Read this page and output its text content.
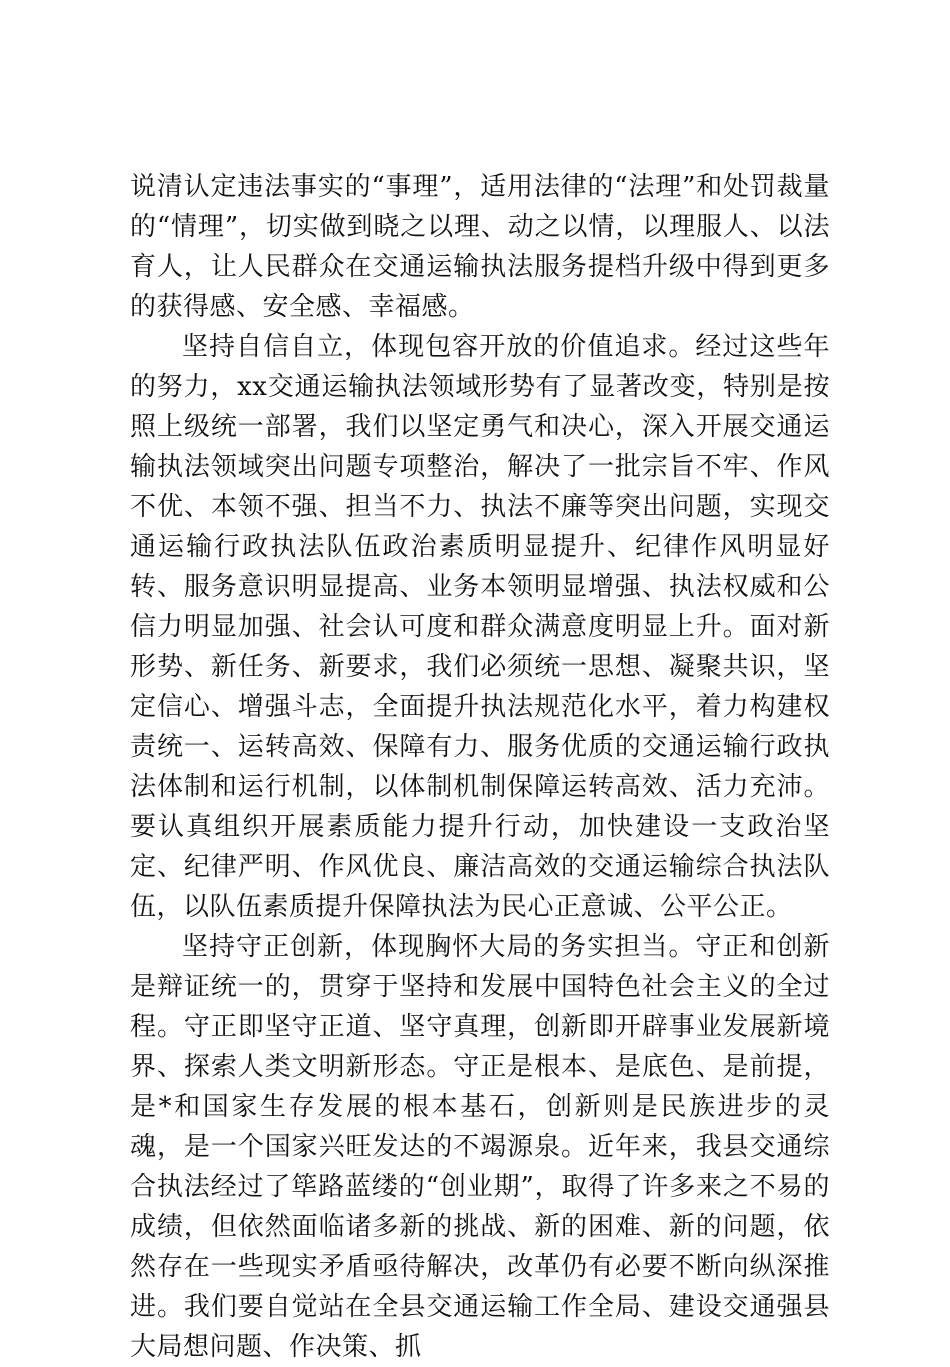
说清认定违法事实的“事理”，适用法律的“法理”和处罚裁量的“情理”，切实做到晓之以理、动之以情，以理服人、以法育人，让人民群众在交通运输执法服务提档升级中得到更多的获得感、安全感、幸福感。

坚持自信自立，体现包容开放的价值追求。经过这些年的努力，xx交通运输执法领域形势有了显著改变，特别是按照上级统一部署，我们以坚定勇气和决心，深入开展交通运输执法领域突出问题专项整治，解决了一批宗旨不牢、作风不优、本领不强、担当不力、执法不廉等突出问题，实现交通运输行政执法队伍政治素质明显提升、纪律作风明显好转、服务意识明显提高、业务本领明显增强、执法权威和公信力明显加强、社会认可度和群众满意度明显上升。面对新形势、新任务、新要求，我们必须统一思想、凝聚共识，坚定信心、增强斗志，全面提升执法规范化水平，着力构建权责统一、运转高效、保障有力、服务优质的交通运输行政执法体制和运行机制，以体制机制保障运转高效、活力充沛。要认真组织开展素质能力提升行动，加快建设一支政治坚定、纪律严明、作风优良、廉洁高效的交通运输综合执法队伍，以队伍素质提升保障执法为民心正意诚、公平公正。

坚持守正创新，体现胸怀大局的务实担当。守正和创新是辩证统一的，贯穿于坚持和发展中国特色社会主义的全过程。守正即坚守正道、坚守真理，创新即开辟事业发展新境界、探索人类文明新形态。守正是根本、是底色、是前提，是*和国家生存发展的根本基石，创新则是民族进步的灵魂，是一个国家兴旺发达的不竭源泉。近年来，我县交通综合执法经过了筚路蓝缕的“创业期”，取得了许多来之不易的成绩，但依然面临诸多新的挑战、新的困难、新的问题，依然存在一些现实矛盾亟待解决，改革仍有必要不断向纵深推进。我们要自觉站在全县交通运输工作全局、建设交通强县大局想问题、作决策、抓
